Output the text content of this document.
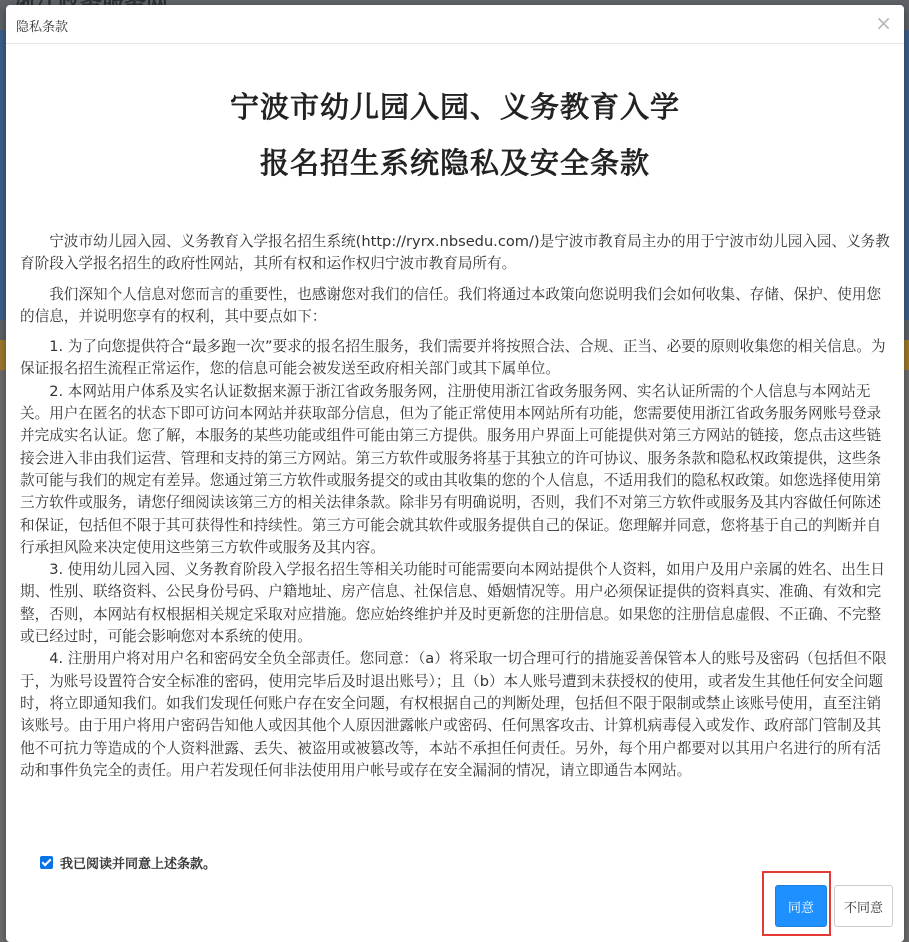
隐私条款	×
宁波市幼儿园入园、义务教育入学
报名招生系统隐私及安全条款

宁波市幼儿园入园、义务教育入学报名招生系统(http://ryrx.nbsedu.com/)是宁波市教育局主办的用于宁波市幼儿园入园、义务教育阶段入学报名招生的政府性网站，其所有权和运作权归宁波市教育局所有。

我们深知个人信息对您而言的重要性，也感谢您对我们的信任。我们将通过本政策向您说明我们会如何收集、存储、保护、使用您的信息，并说明您享有的权利，其中要点如下：

1. 为了向您提供符合“最多跑一次”要求的报名招生服务，我们需要并将按照合法、合规、正当、必要的原则收集您的相关信息。为保证报名招生流程正常运作，您的信息可能会被发送至政府相关部门或其下属单位。

2. 本网站用户体系及实名认证数据来源于浙江省政务服务网，注册使用浙江省政务服务网、实名认证所需的个人信息与本网站无关。用户在匿名的状态下即可访问本网站并获取部分信息，但为了能正常使用本网站所有功能，您需要使用浙江省政务服务网账号登录并完成实名认证。您了解，本服务的某些功能或组件可能由第三方提供。服务用户界面上可能提供对第三方网站的链接，您点击这些链接会进入非由我们运营、管理和支持的第三方网站。第三方软件或服务将基于其独立的许可协议、服务条款和隐私权政策提供，这些条款可能与我们的规定有差异。您通过第三方软件或服务提交的或由其收集的您的个人信息，不适用我们的隐私权政策。如您选择使用第三方软件或服务，请您仔细阅读该第三方的相关法律条款。除非另有明确说明，否则，我们不对第三方软件或服务及其内容做任何陈述和保证，包括但不限于其可获得性和持续性。第三方可能会就其软件或服务提供自己的保证。您理解并同意，您将基于自己的判断并自行承担风险来决定使用这些第三方软件或服务及其内容。

3. 使用幼儿园入园、义务教育阶段入学报名招生等相关功能时可能需要向本网站提供个人资料，如用户及用户亲属的姓名、出生日期、性别、联络资料、公民身份号码、户籍地址、房产信息、社保信息、婚姻情况等。用户必须保证提供的资料真实、准确、有效和完整，否则，本网站有权根据相关规定采取对应措施。您应始终维护并及时更新您的注册信息。如果您的注册信息虚假、不正确、不完整或已经过时，可能会影响您对本系统的使用。

4. 注册用户将对用户名和密码安全负全部责任。您同意：（a）将采取一切合理可行的措施妥善保管本人的账号及密码（包括但不限于，为账号设置符合安全标准的密码，使用完毕后及时退出账号）；且（b）本人账号遭到未获授权的使用，或者发生其他任何安全问题时，将立即通知我们。如我们发现任何账户存在安全问题，有权根据自己的判断处理，包括但不限于限制或禁止该账号使用，直至注销该账号。由于用户将用户密码告知他人或因其他个人原因泄露帐户或密码、任何黑客攻击、计算机病毒侵入或发作、政府部门管制及其他不可抗力等造成的个人资料泄露、丢失、被盗用或被篡改等，本站不承担任何责任。另外，每个用户都要对以其用户名进行的所有活动和事件负完全的责任。用户若发现任何非法使用用户帐号或存在安全漏洞的情况，请立即通告本网站。

我已阅读并同意上述条款。
同意	不同意
